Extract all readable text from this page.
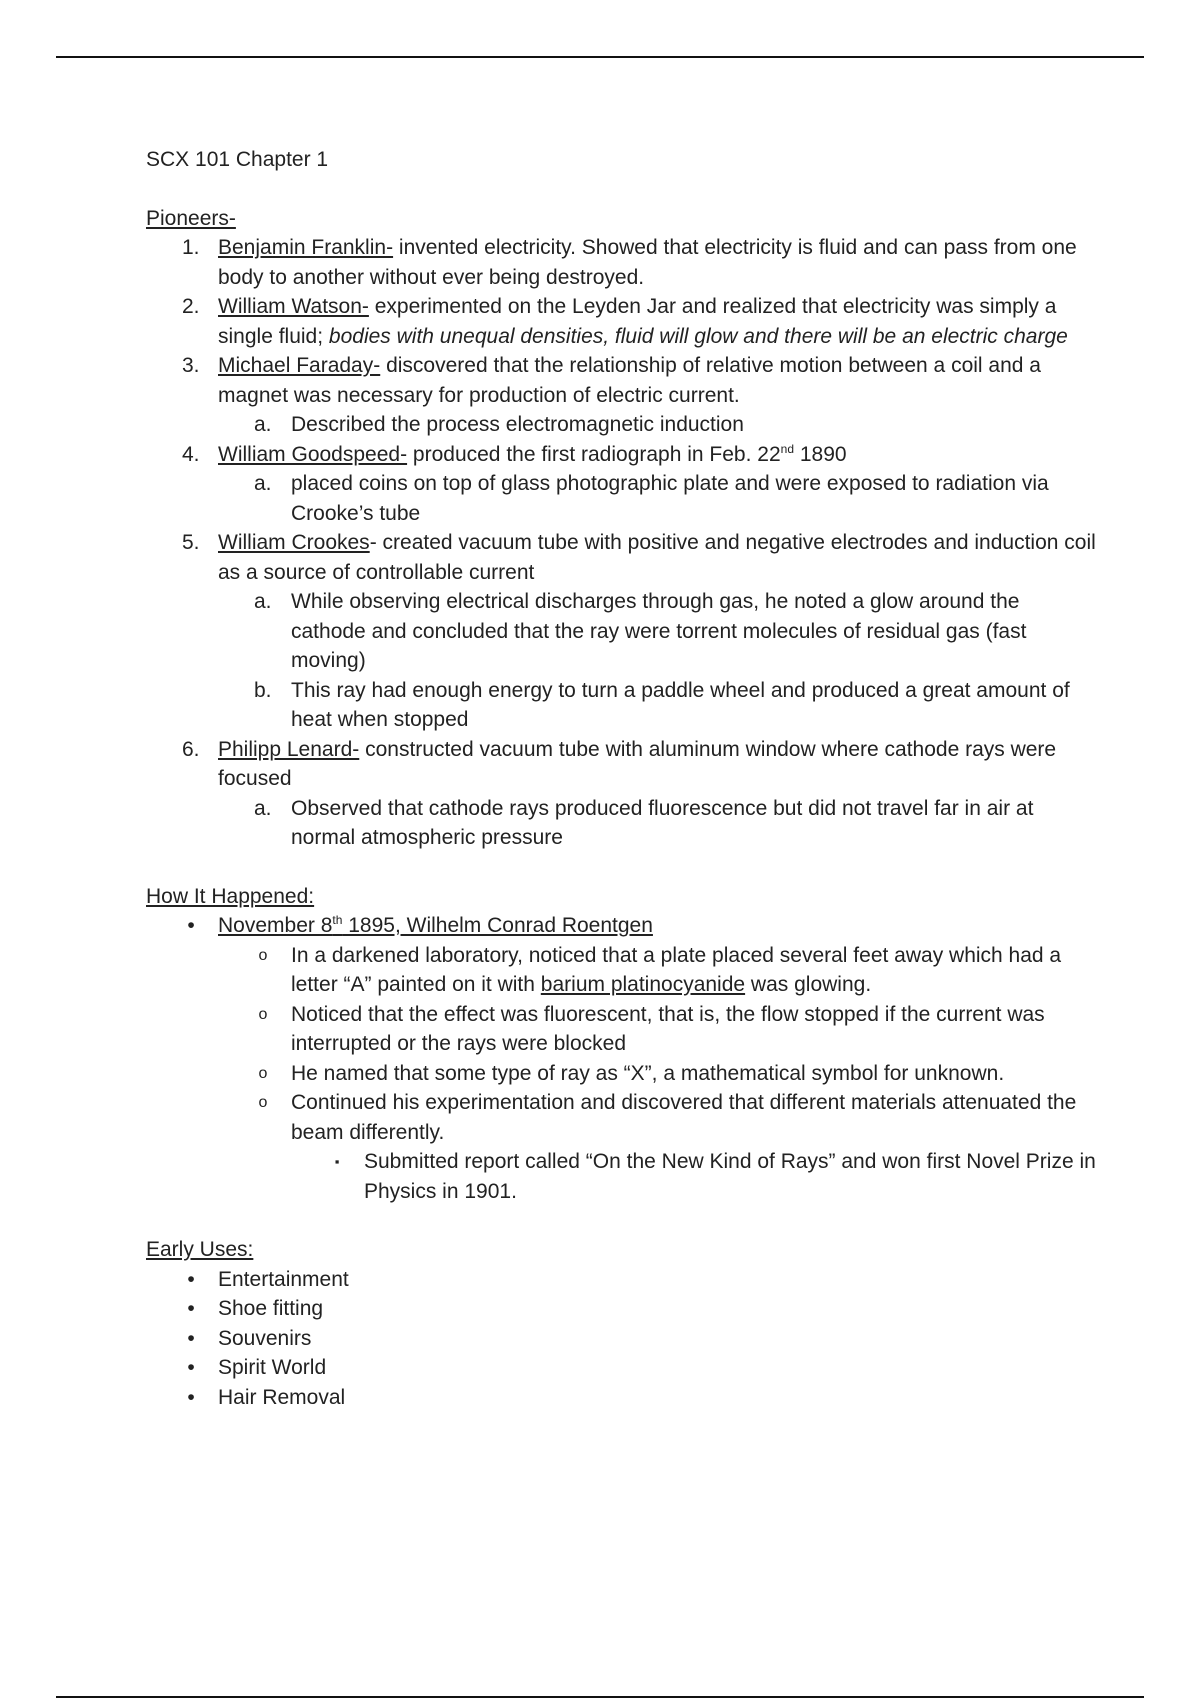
SCX 101 Chapter 1
Pioneers-
1. Benjamin Franklin- invented electricity. Showed that electricity is fluid and can pass from one body to another without ever being destroyed.
2. William Watson- experimented on the Leyden Jar and realized that electricity was simply a single fluid; bodies with unequal densities, fluid will glow and there will be an electric charge
3. Michael Faraday- discovered that the relationship of relative motion between a coil and a magnet was necessary for production of electric current.
a. Described the process electromagnetic induction
4. William Goodspeed- produced the first radiograph in Feb. 22nd 1890
a. placed coins on top of glass photographic plate and were exposed to radiation via Crooke’s tube
5. William Crookes- created vacuum tube with positive and negative electrodes and induction coil as a source of controllable current
a. While observing electrical discharges through gas, he noted a glow around the cathode and concluded that the ray were torrent molecules of residual gas (fast moving)
b. This ray had enough energy to turn a paddle wheel and produced a great amount of heat when stopped
6. Philipp Lenard- constructed vacuum tube with aluminum window where cathode rays were focused
a. Observed that cathode rays produced fluorescence but did not travel far in air at normal atmospheric pressure
How It Happened:
• November 8th 1895, Wilhelm Conrad Roentgen
o In a darkened laboratory, noticed that a plate placed several feet away which had a letter “A” painted on it with barium platinocyanide was glowing.
o Noticed that the effect was fluorescent, that is, the flow stopped if the current was interrupted or the rays were blocked
o He named that some type of ray as “X”, a mathematical symbol for unknown.
o Continued his experimentation and discovered that different materials attenuated the beam differently.
▪ Submitted report called “On the New Kind of Rays” and won first Novel Prize in Physics in 1901.
Early Uses:
• Entertainment
• Shoe fitting
• Souvenirs
• Spirit World
• Hair Removal
